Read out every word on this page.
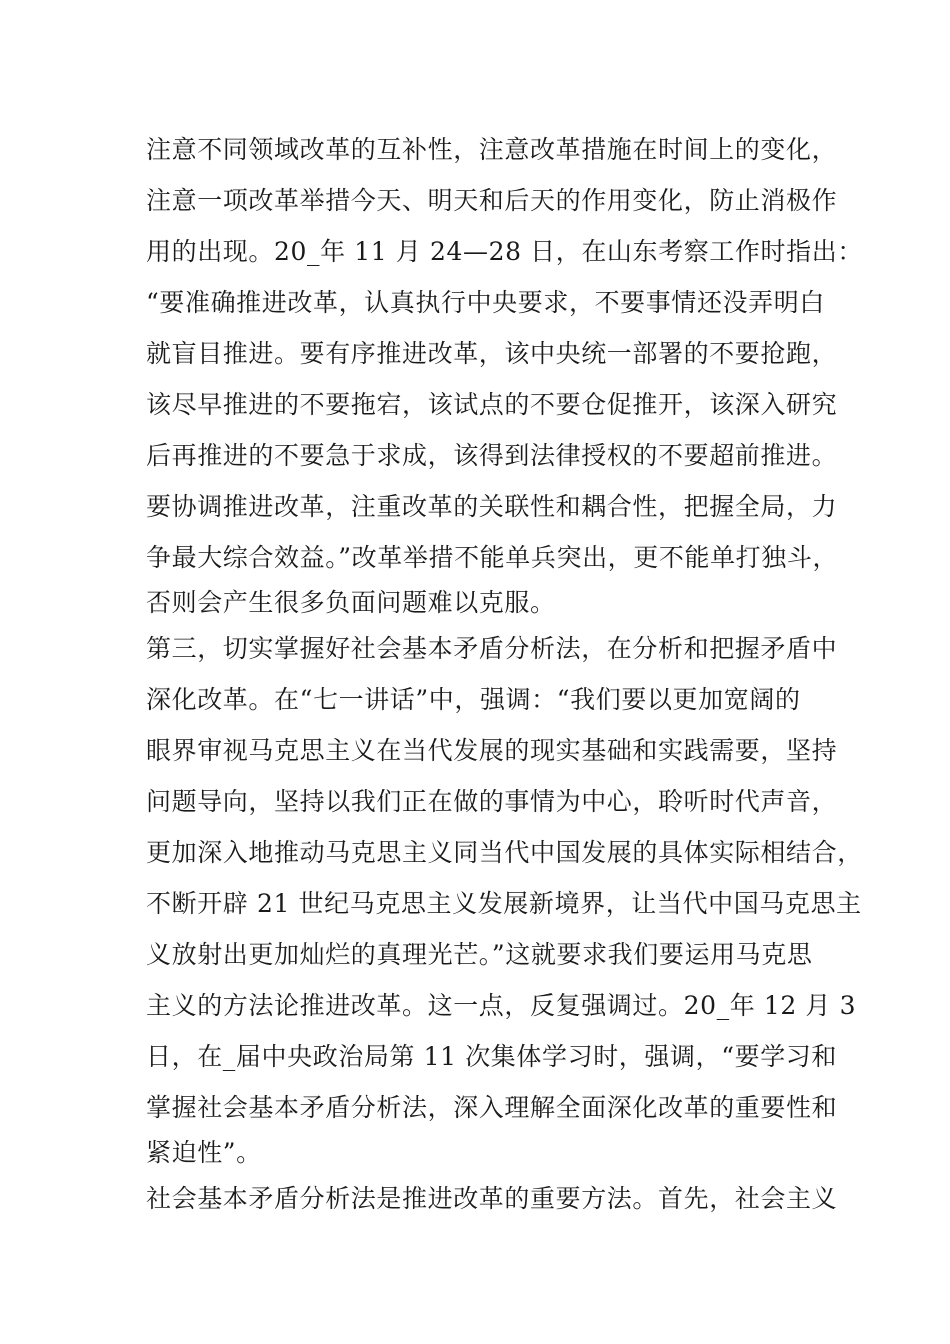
注意不同领域改革的互补性，注意改革措施在时间上的变化，
注意一项改革举措今天、明天和后天的作用变化，防止消极作
用的出现。20_年 11 月 24—28 日，在山东考察工作时指出：
“要准确推进改革，认真执行中央要求，不要事情还没弄明白
就盲目推进。要有序推进改革，该中央统一部署的不要抢跑，
该尽早推进的不要拖宕，该试点的不要仓促推开，该深入研究
后再推进的不要急于求成，该得到法律授权的不要超前推进。
要协调推进改革，注重改革的关联性和耦合性，把握全局，力
争最大综合效益。”改革举措不能单兵突出，更不能单打独斗，
否则会产生很多负面问题难以克服。
第三，切实掌握好社会基本矛盾分析法，在分析和把握矛盾中
深化改革。在“七一讲话”中，强调：“我们要以更加宽阔的
眼界审视马克思主义在当代发展的现实基础和实践需要，坚持
问题导向，坚持以我们正在做的事情为中心，聆听时代声音，
更加深入地推动马克思主义同当代中国发展的具体实际相结合，
不断开辟 21 世纪马克思主义发展新境界，让当代中国马克思主
义放射出更加灿烂的真理光芒。”这就要求我们要运用马克思
主义的方法论推进改革。这一点，反复强调过。20_年 12 月 3
日，在_届中央政治局第 11 次集体学习时，强调，“要学习和
掌握社会基本矛盾分析法，深入理解全面深化改革的重要性和
紧迫性”。
社会基本矛盾分析法是推进改革的重要方法。首先，社会主义
